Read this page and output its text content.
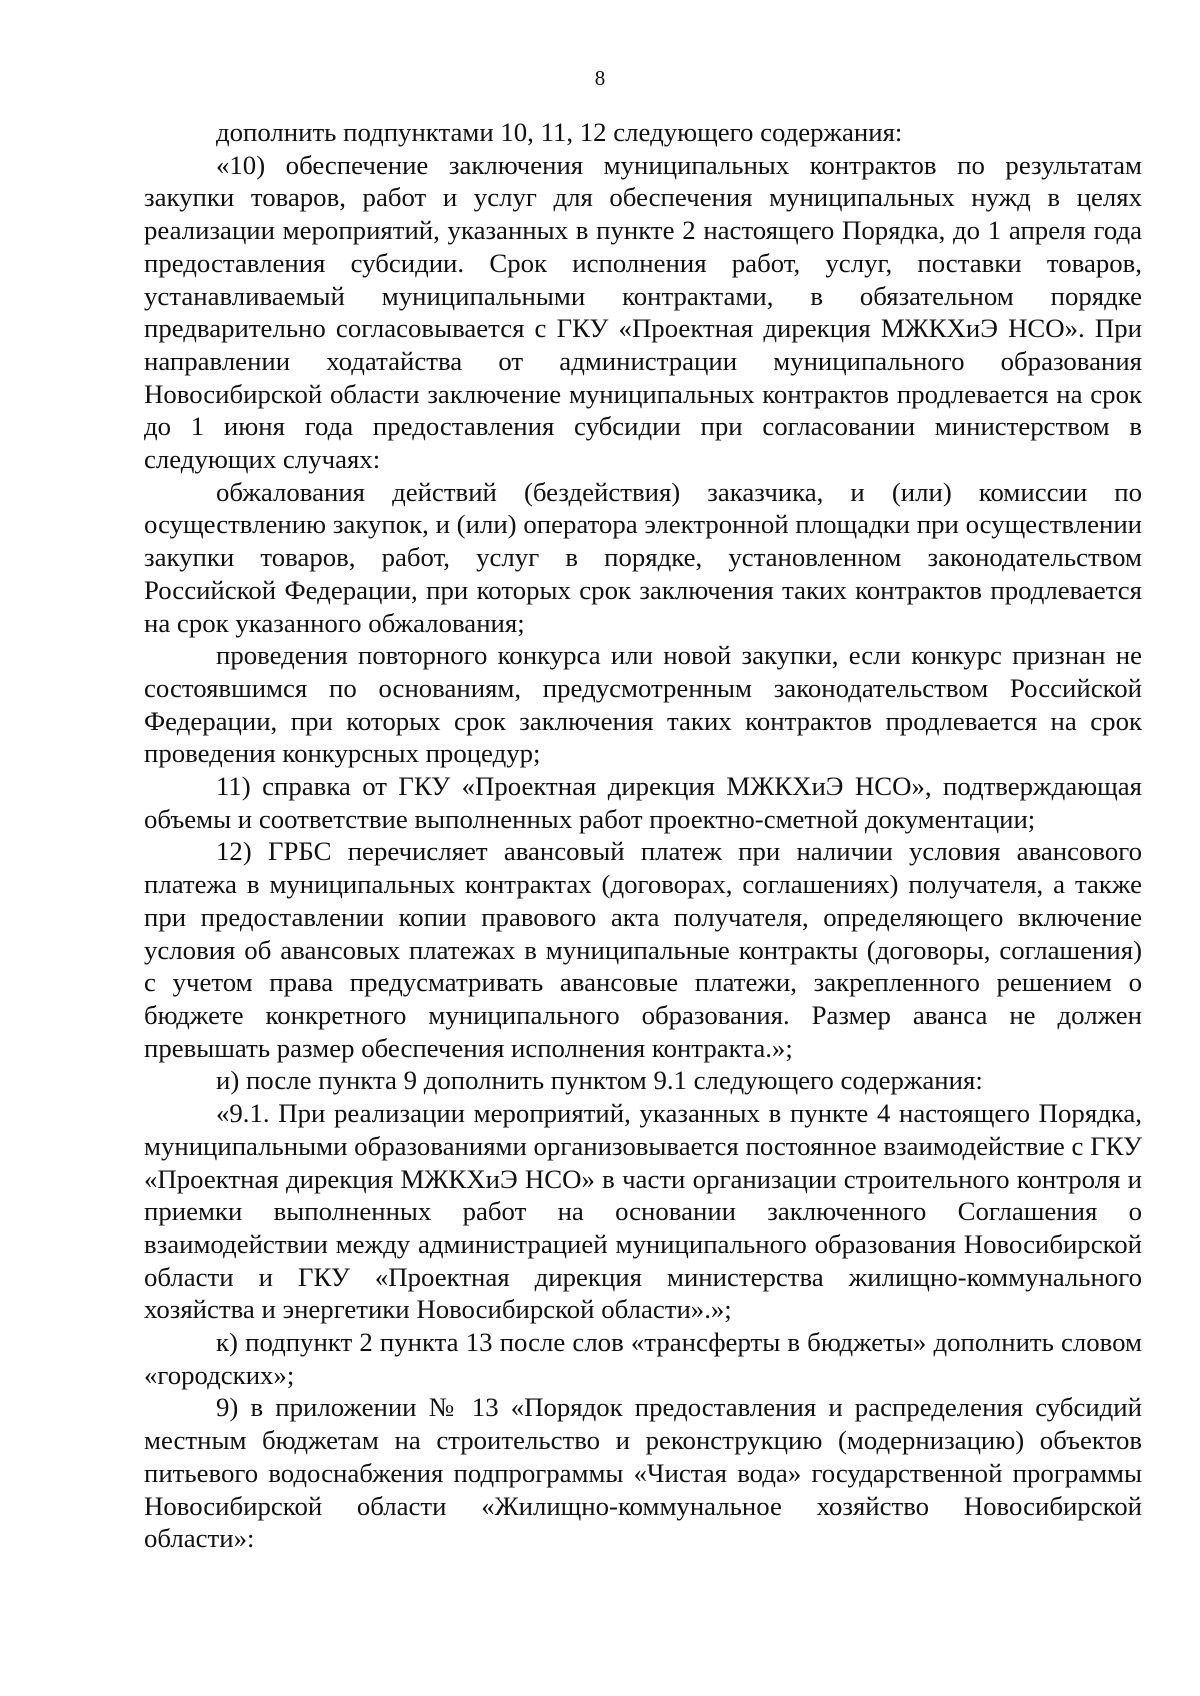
8

дополнить подпунктами 10, 11, 12 следующего содержания:

«10) обеспечение заключения муниципальных контрактов по результатам закупки товаров, работ и услуг для обеспечения муниципальных нужд в целях реализации мероприятий, указанных в пункте 2 настоящего Порядка, до 1 апреля года предоставления субсидии. Срок исполнения работ, услуг, поставки товаров, устанавливаемый муниципальными контрактами, в обязательном порядке предварительно согласовывается с ГКУ «Проектная дирекция МЖКХиЭ НСО». При направлении ходатайства от администрации муниципального образования Новосибирской области заключение муниципальных контрактов продлевается на срок до 1 июня года предоставления субсидии при согласовании министерством в следующих случаях:

обжалования действий (бездействия) заказчика, и (или) комиссии по осуществлению закупок, и (или) оператора электронной площадки при осуществлении закупки товаров, работ, услуг в порядке, установленном законодательством Российской Федерации, при которых срок заключения таких контрактов продлевается на срок указанного обжалования;

проведения повторного конкурса или новой закупки, если конкурс признан не состоявшимся по основаниям, предусмотренным законодательством Российской Федерации, при которых срок заключения таких контрактов продлевается на срок проведения конкурсных процедур;

11) справка от ГКУ «Проектная дирекция МЖКХиЭ НСО», подтверждающая объемы и соответствие выполненных работ проектно-сметной документации;

12) ГРБС перечисляет авансовый платеж при наличии условия авансового платежа в муниципальных контрактах (договорах, соглашениях) получателя, а также при предоставлении копии правового акта получателя, определяющего включение условия об авансовых платежах в муниципальные контракты (договоры, соглашения) с учетом права предусматривать авансовые платежи, закрепленного решением о бюджете конкретного муниципального образования. Размер аванса не должен превышать размер обеспечения исполнения контракта.»;

и) после пункта 9 дополнить пунктом 9.1 следующего содержания:

«9.1. При реализации мероприятий, указанных в пункте 4 настоящего Порядка, муниципальными образованиями организовывается постоянное взаимодействие с ГКУ «Проектная дирекция МЖКХиЭ НСО» в части организации строительного контроля и приемки выполненных работ на основании заключенного Соглашения о взаимодействии между администрацией муниципального образования Новосибирской области и ГКУ «Проектная дирекция министерства жилищно-коммунального хозяйства и энергетики Новосибирской области».»;

к) подпункт 2 пункта 13 после слов «трансферты в бюджеты» дополнить словом «городских»;

9) в приложении № 13 «Порядок предоставления и распределения субсидий местным бюджетам на строительство и реконструкцию (модернизацию) объектов питьевого водоснабжения подпрограммы «Чистая вода» государственной программы Новосибирской области «Жилищно-коммунальное хозяйство Новосибирской области»:
